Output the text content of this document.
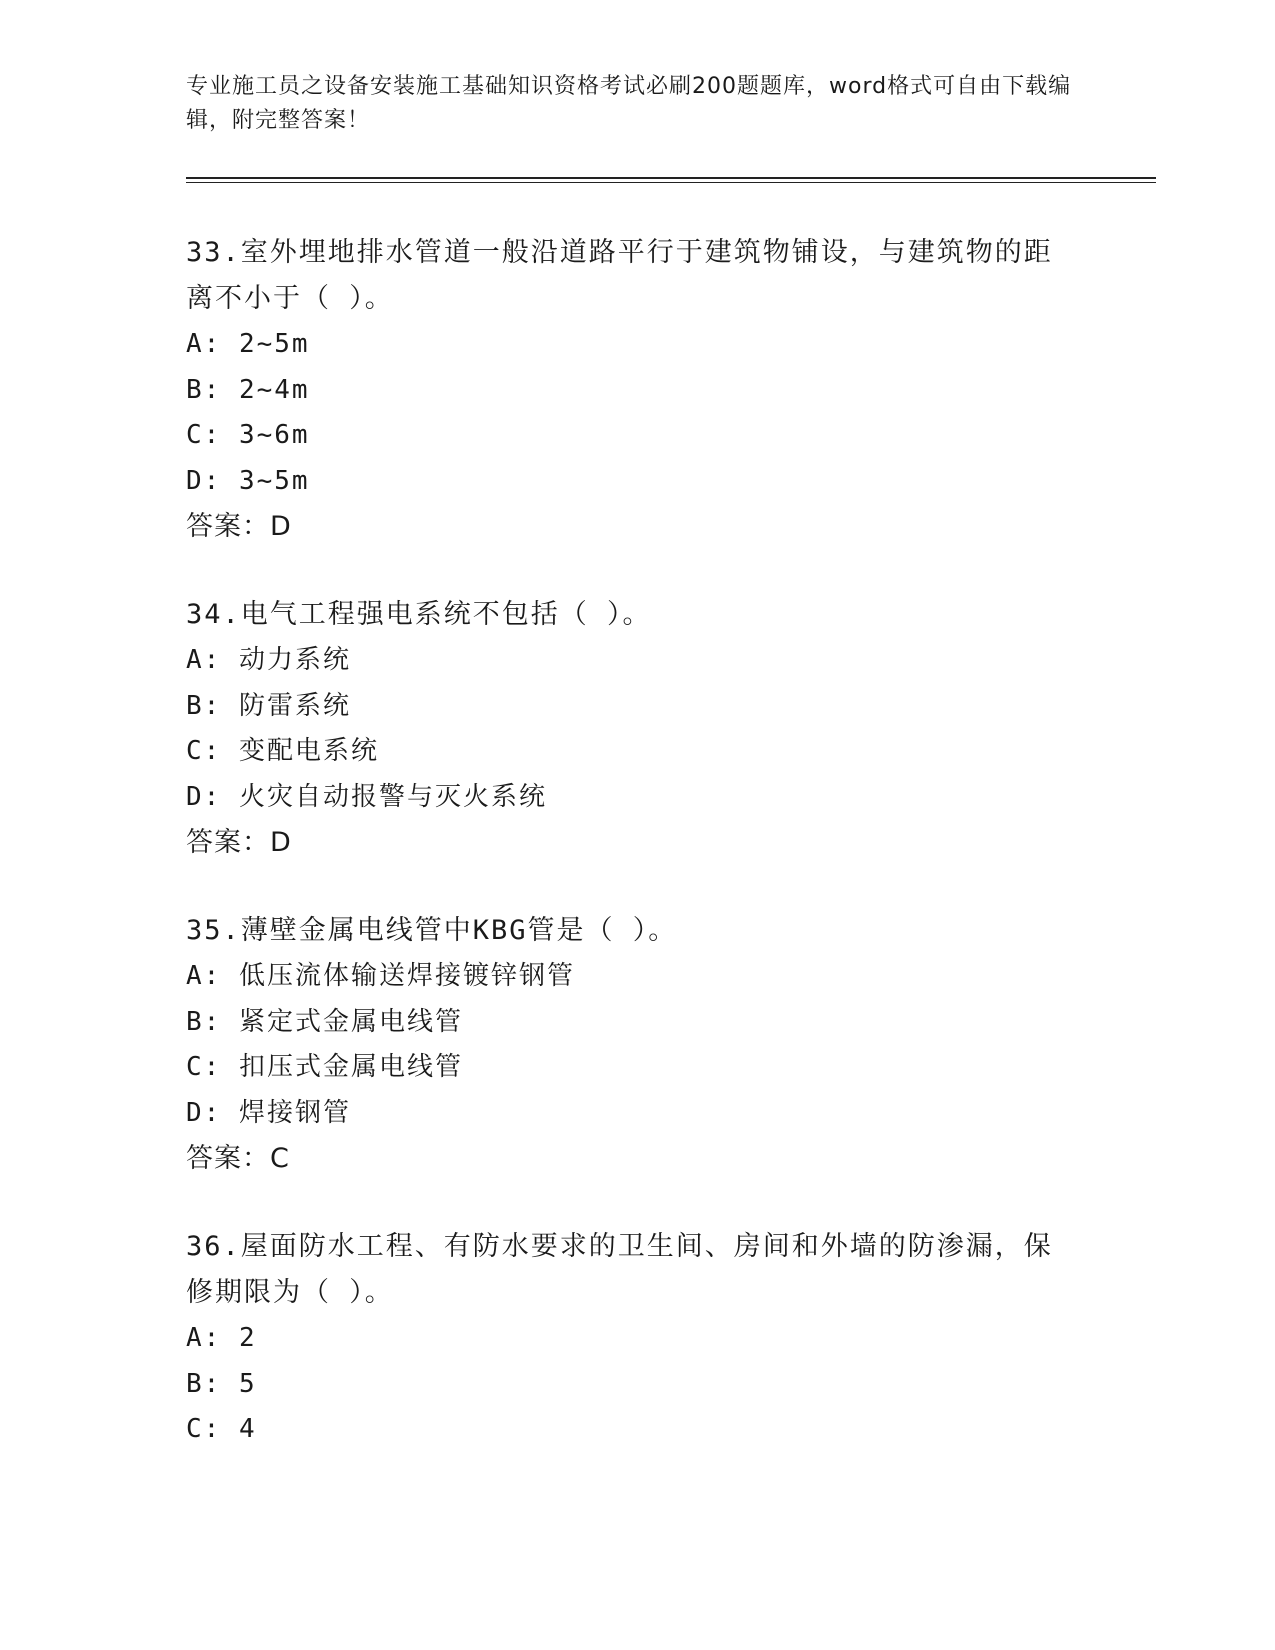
专业施工员之设备安装施工基础知识资格考试必刷200题题库，word格式可自由下载编辑，附完整答案！
33.室外埋地排水管道一般沿道路平行于建筑物铺设，与建筑物的距离不小于（ ）。
A: 2~5m
B: 2~4m
C: 3~6m
D: 3~5m
答案：D
34.电气工程强电系统不包括（ ）。
A: 动力系统
B: 防雷系统
C: 变配电系统
D: 火灾自动报警与灭火系统
答案：D
35.薄壁金属电线管中KBG管是（ ）。
A: 低压流体输送焊接镀锌钢管
B: 紧定式金属电线管
C: 扣压式金属电线管
D: 焊接钢管
答案：C
36.屋面防水工程、有防水要求的卫生间、房间和外墙的防渗漏，保修期限为（ ）。
A: 2
B: 5
C: 4
